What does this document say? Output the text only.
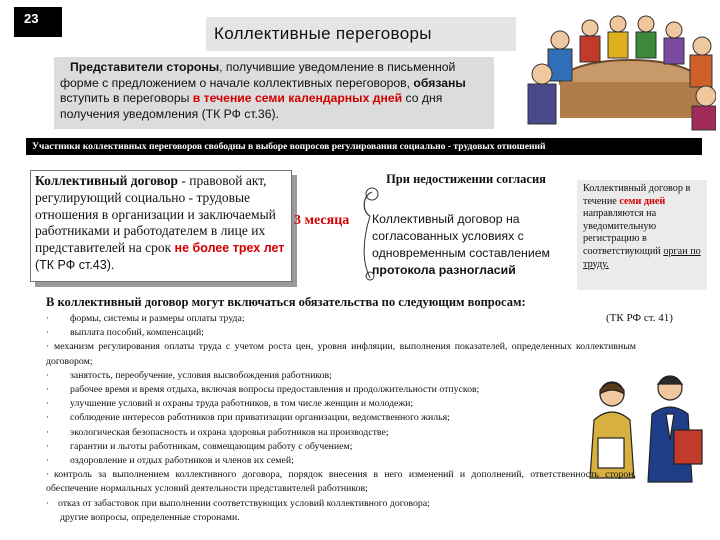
23
Коллективные переговоры

Представители стороны, получившие уведомление в письменной форме с предложением о начале коллективных переговоров, обязаны вступить в переговоры в течение семи календарных дней со дня получения уведомления (ТК РФ ст.36).

Участники коллективных переговоров свободны в выборе вопросов регулирования социально - трудовых отношений
Коллективный договор - правовой акт, регулирующий социально - трудовые отношения в организации и заключаемый работниками и работодателем в лице их представителей на срок не более трех лет (ТК РФ ст.43).
3 месяца
При недостижении согласия
Коллективный договор на согласованных условиях с одновременным составлением протокола разногласий
Коллективный договор в течение семи дней направляются на уведомительную регистрацию в соответствующий орган по труду.
В коллективный договор могут включаться обязательства по следующим вопросам:
(ТК РФ ст. 41)
· формы, системы и размеры оплаты труда;
· выплата пособий, компенсаций;
· механизм регулирования оплаты труда с учетом роста цен, уровня инфляции, выполнения показателей, определенных коллективным договором;
· занятость, переобучение, условия высвобождения работников;
· рабочее время и время отдыха, включая вопросы предоставления и продолжительности отпусков;
· улучшение условий и охраны труда работников, в том числе женщин и молодежи;
· соблюдение интересов работников при приватизации организации, ведомственного жилья;
· экологическая безопасность и охрана здоровья работников на производстве;
· гарантии и льготы работникам, совмещающим работу с обучением;
· оздоровление и отдых работников и членов их семей;
· контроль за выполнением коллективного договора, порядок внесения в него изменений и дополнений, ответственность сторон, обеспечение нормальных условий деятельности представителей работников;
· отказ от забастовок при выполнении соответствующих условий коллективного договора;
другие вопросы, определенные сторонами.
